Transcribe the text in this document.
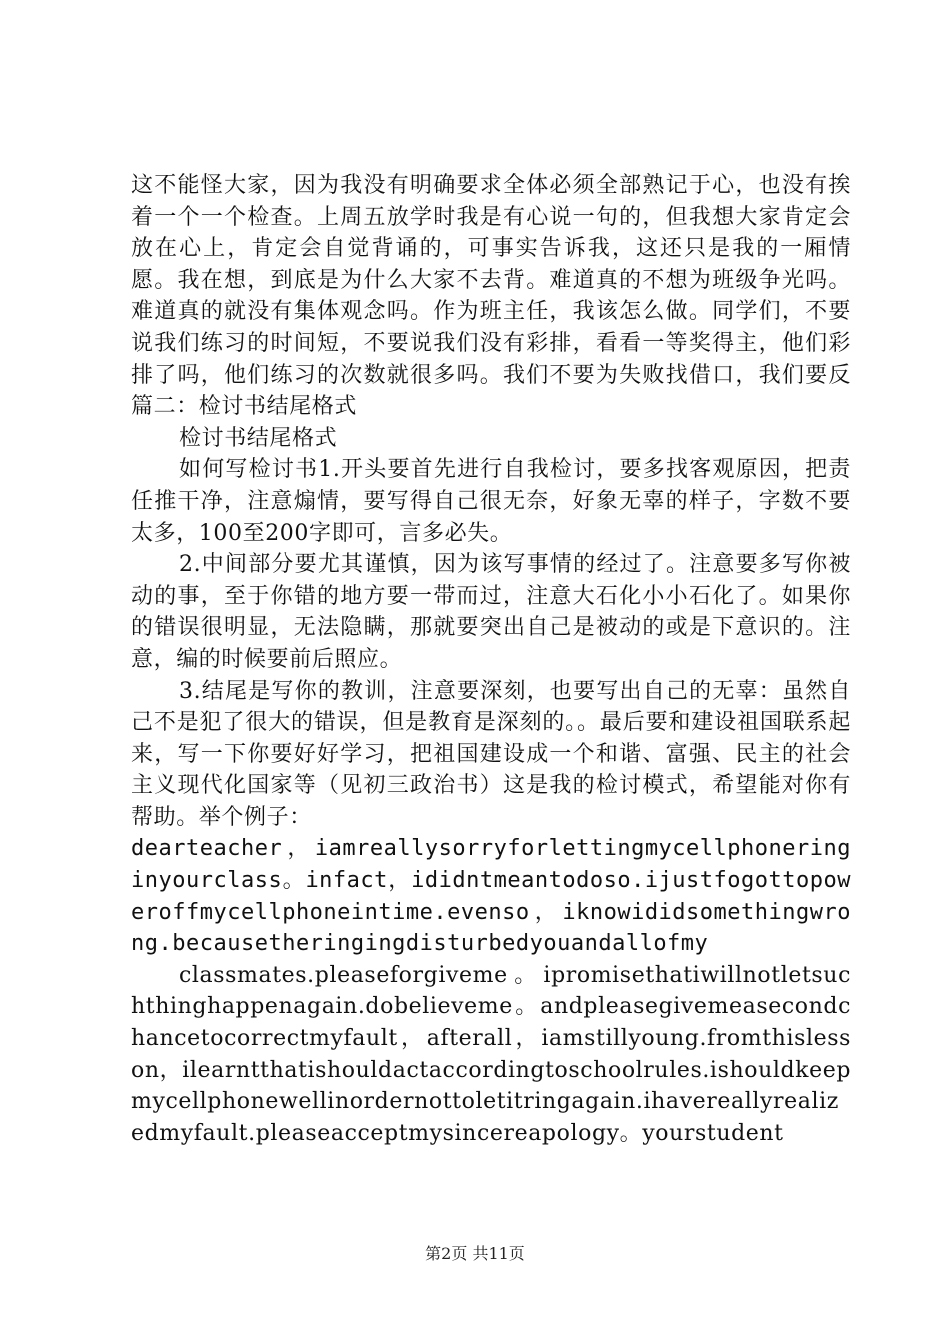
这不能怪大家，因为我没有明确要求全体必须全部熟记于心，也没有挨着一个一个检查。上周五放学时我是有心说一句的，但我想大家肯定会放在心上，肯定会自觉背诵的，可事实告诉我，这还只是我的一厢情愿。我在想，到底是为什么大家不去背。难道真的不想为班级争光吗。难道真的就没有集体观念吗。作为班主任，我该怎么做。同学们，不要说我们练习的时间短，不要说我们没有彩排，看看一等奖得主，他们彩排了吗，他们练习的次数就很多吗。我们不要为失败找借口，我们要反篇二：检讨书结尾格式

检讨书结尾格式

如何写检讨书1.开头要首先进行自我检讨，要多找客观原因，把责任推干净，注意煽情，要写得自己很无奈，好象无辜的样子，字数不要太多，100至200字即可，言多必失。

2.中间部分要尤其谨慎，因为该写事情的经过了。注意要多写你被动的事，至于你错的地方要一带而过，注意大石化小小石化了。如果你的错误很明显，无法隐瞒，那就要突出自己是被动的或是下意识的。注意，编的时候要前后照应。

3.结尾是写你的教训，注意要深刻，也要写出自己的无辜：虽然自己不是犯了很大的错误，但是教育是深刻的。。最后要和建设祖国联系起来，写一下你要好好学习，把祖国建设成一个和谐、富强、民主的社会主义现代化国家等（见初三政治书）这是我的检讨模式，希望能对你有帮助。举个例子：

dearteacher，iamreallysorryforlettingmycellphoneringinyourclass。infact，ididntmeantodoso.ijustfogottopoweroffmycellphoneintime.evenso，iknowididsomethingwrong.becausetheringingdisturbedyouandallofmy

classmates.pleaseforgiveme。ipromisethatiwillnotletsuchthinghappenagain.dobelieveme。andpleasegivemeasecondchancetocorrectmyfault，afterall，iamstillyoung.fromthislesson，ilearntthatishouldactaccordingtoschoolrules.ishouldkeepmycellphonewellinordernottoletitringagain.ihavereallyrealizedmyfault.pleaseacceptmysincereapology。yourstudent

第2页 共11页
